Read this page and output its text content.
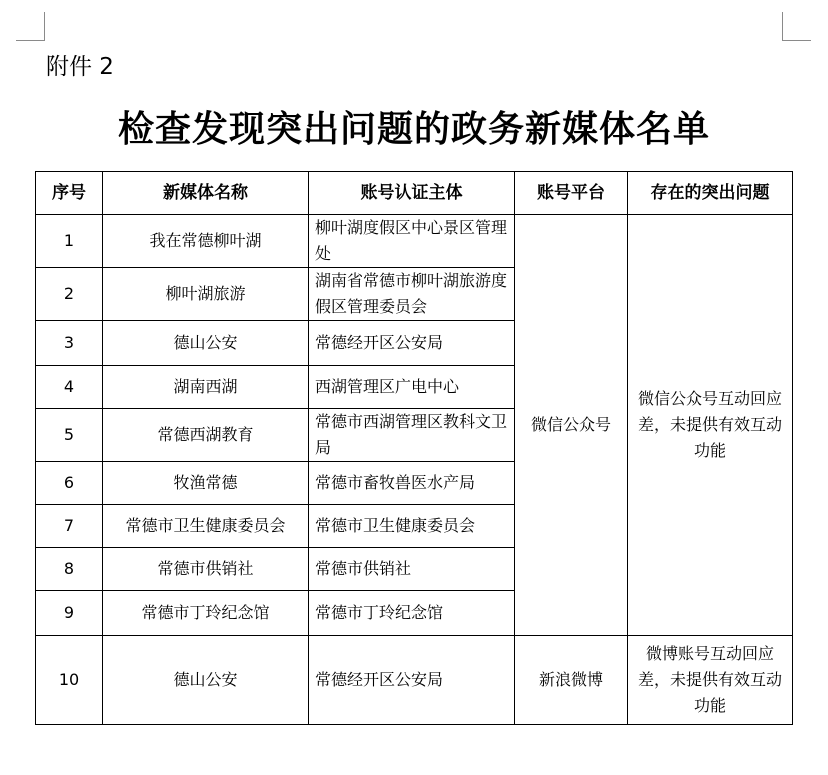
附件 2
检查发现突出问题的政务新媒体名单
序号	新媒体名称	账号认证主体	账号平台	存在的突出问题
1	我在常德柳叶湖	柳叶湖度假区中心景区管理处	微信公众号	微信公众号互动回应差，未提供有效互动功能
2	柳叶湖旅游	湖南省常德市柳叶湖旅游度假区管理委员会		
3	德山公安	常德经开区公安局		
4	湖南西湖	西湖管理区广电中心		
5	常德西湖教育	常德市西湖管理区教科文卫局		
6	牧渔常德	常德市畜牧兽医水产局		
7	常德市卫生健康委员会	常德市卫生健康委员会		
8	常德市供销社	常德市供销社		
9	常德市丁玲纪念馆	常德市丁玲纪念馆		
10	德山公安	常德经开区公安局	新浪微博	微博账号互动回应差，未提供有效互动功能
